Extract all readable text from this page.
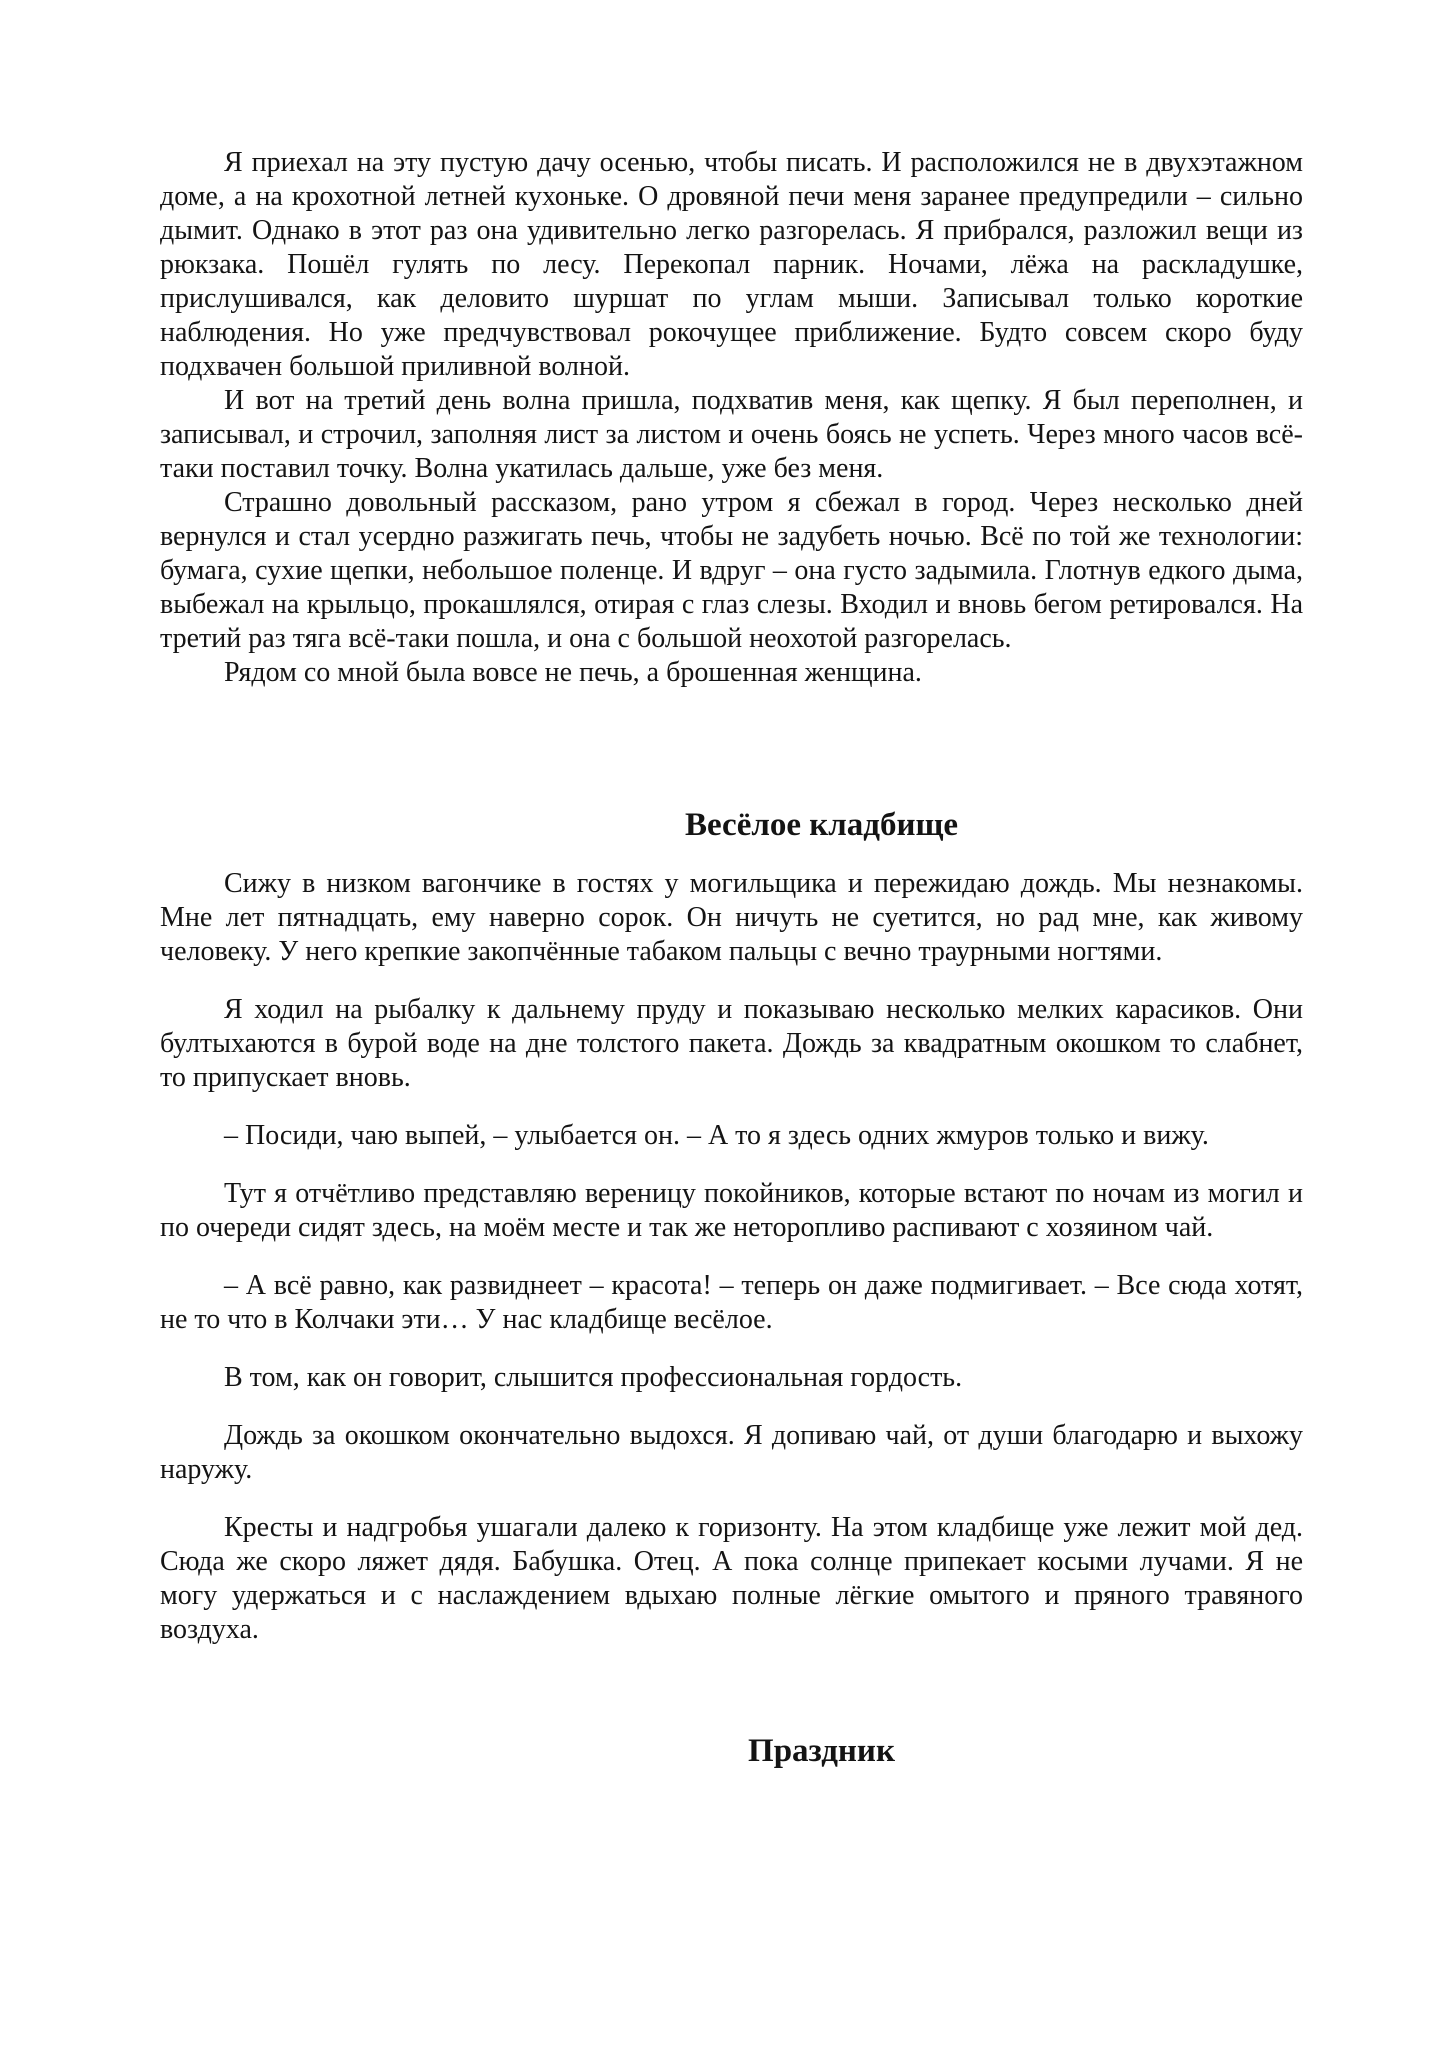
Я приехал на эту пустую дачу осенью, чтобы писать. И расположился не в двухэтажном доме, а на крохотной летней кухоньке. О дровяной печи меня заранее предупредили – сильно дымит. Однако в этот раз она удивительно легко разгорелась. Я прибрался, разложил вещи из рюкзака. Пошёл гулять по лесу. Перекопал парник. Ночами, лёжа на раскладушке, прислушивался, как деловито шуршат по углам мыши. Записывал только короткие наблюдения. Но уже предчувствовал рокочущее приближение. Будто совсем скоро буду подхвачен большой приливной волной.

И вот на третий день волна пришла, подхватив меня, как щепку. Я был переполнен, и записывал, и строчил, заполняя лист за листом и очень боясь не успеть. Через много часов всё-таки поставил точку. Волна укатилась дальше, уже без меня.

Страшно довольный рассказом, рано утром я сбежал в город. Через несколько дней вернулся и стал усердно разжигать печь, чтобы не задубеть ночью. Всё по той же технологии: бумага, сухие щепки, небольшое поленце. И вдруг – она густо задымила. Глотнув едкого дыма, выбежал на крыльцо, прокашлялся, отирая с глаз слезы. Входил и вновь бегом ретировался. На третий раз тяга всё-таки пошла, и она с большой неохотой разгорелась.

Рядом со мной была вовсе не печь, а брошенная женщина.

Весёлое кладбище

Сижу в низком вагончике в гостях у могильщика и пережидаю дождь. Мы незнакомы. Мне лет пятнадцать, ему наверно сорок. Он ничуть не суетится, но рад мне, как живому человеку. У него крепкие закопчённые табаком пальцы с вечно траурными ногтями.

Я ходил на рыбалку к дальнему пруду и показываю несколько мелких карасиков. Они бултыхаются в бурой воде на дне толстого пакета. Дождь за квадратным окошком то слабнет, то припускает вновь.

– Посиди, чаю выпей, – улыбается он. – А то я здесь одних жмуров только и вижу.

Тут я отчётливо представляю вереницу покойников, которые встают по ночам из могил и по очереди сидят здесь, на моём месте и так же неторопливо распивают с хозяином чай.

– А всё равно, как развиднеет – красота! – теперь он даже подмигивает. – Все сюда хотят, не то что в Колчаки эти… У нас кладбище весёлое.

В том, как он говорит, слышится профессиональная гордость.

Дождь за окошком окончательно выдохся. Я допиваю чай, от души благодарю и выхожу наружу.

Кресты и надгробья ушагали далеко к горизонту. На этом кладбище уже лежит мой дед. Сюда же скоро ляжет дядя. Бабушка. Отец. А пока солнце припекает косыми лучами. Я не могу удержаться и с наслаждением вдыхаю полные лёгкие омытого и пряного травяного воздуха.

Праздник
